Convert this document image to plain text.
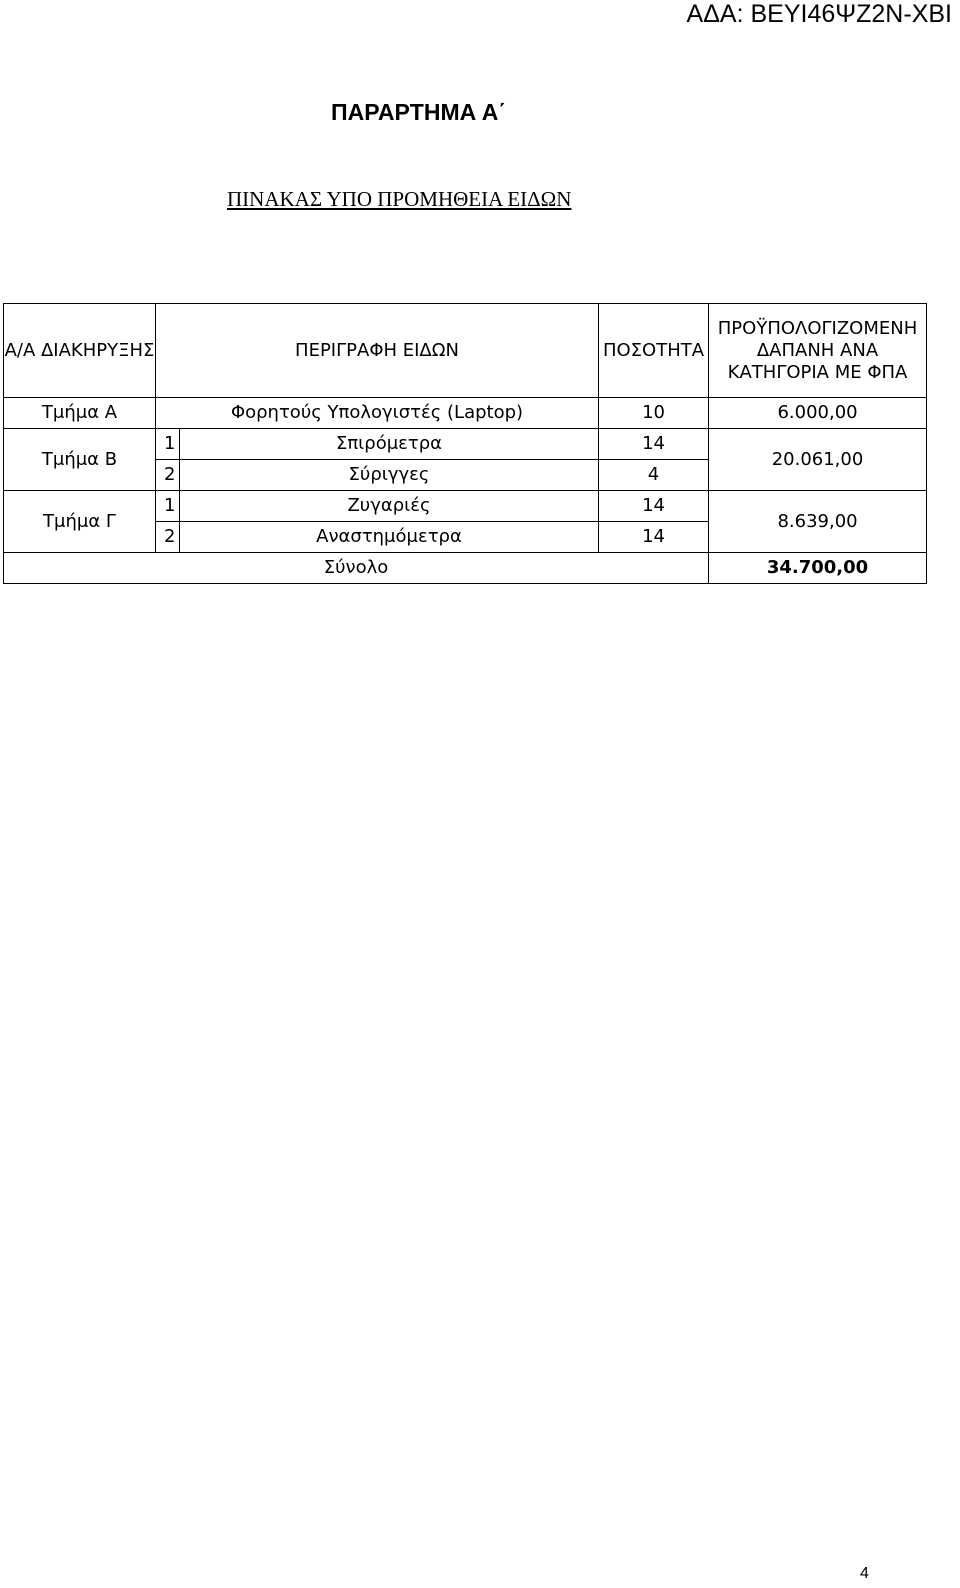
ΑΔΑ: ΒΕΥΙ46ΨΖ2Ν-ΧΒΙ
ΠΑΡΑΡΤΗΜΑ Α΄
ΠΙΝΑΚΑΣ ΥΠΟ ΠΡΟΜΗΘΕΙΑ ΕΙΔΩΝ
Α/Α ΔΙΑΚΗΡΥΞΗΣ	ΠΕΡΙΓΡΑΦΗ ΕΙΔΩΝ		ΠΟΣΟΤΗΤΑ	ΠΡΟΫΠΟΛΟΓΙΖΟΜΕΝΗ ΔΑΠΑΝΗ ΑΝΑ ΚΑΤΗΓΟΡΙΑ ΜΕ ΦΠΑ
Τμήμα Α	Φορητούς Υπολογιστές (Laptop)		10	6.000,00
Τμήμα Β	1	Σπιρόμετρα	14	20.061,00
	2	Σύριγγες	4	
Τμήμα Γ	1	Ζυγαριές	14	8.639,00
	2	Αναστημόμετρα	14	
Σύνολο				34.700,00
4
